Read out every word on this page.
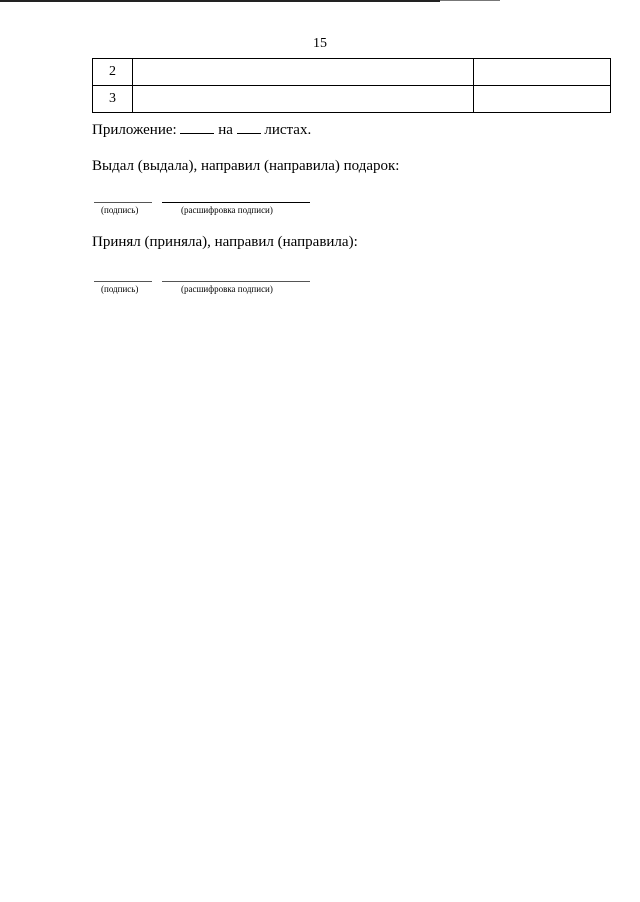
15
2		
3		
Приложение:	на листах.
Выдал (выдала), направил (направила) подарок:
(подпись)	(расшифровка подписи)
Принял (приняла), направил (направила):
(подпись)	(расшифровка подписи)
